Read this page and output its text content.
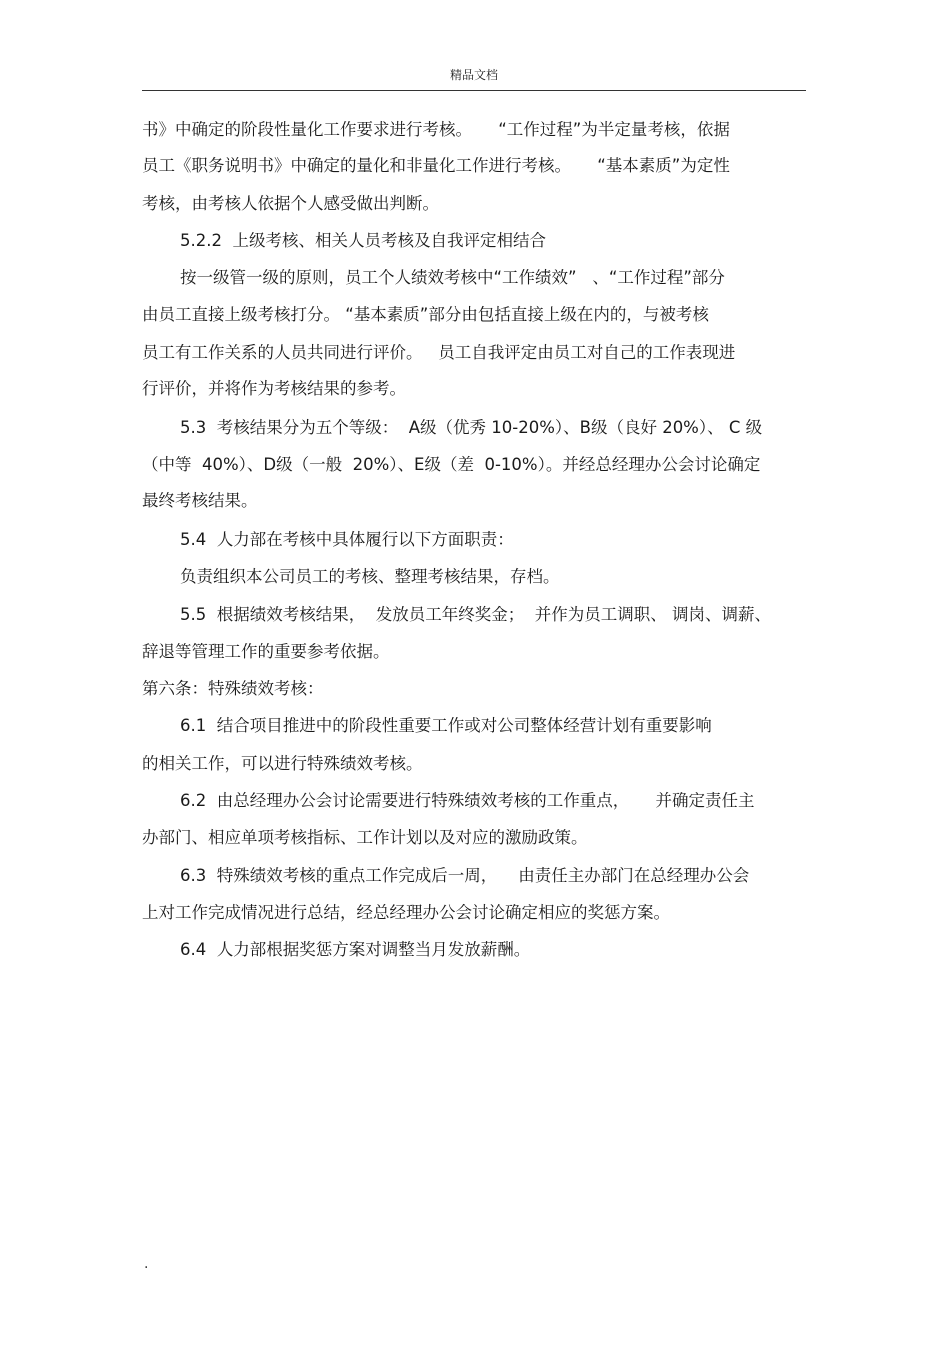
精品文档
书》中确定的阶段性量化工作要求进行考核。     “工作过程”为半定量考核，依据
员工《职务说明书》中确定的量化和非量化工作进行考核。     “基本素质”为定性
考核，由考核人依据个人感受做出判断。
5.2.2  上级考核、相关人员考核及自我评定相结合
按一级管一级的原则，员工个人绩效考核中“工作绩效”   、“工作过程”部分
由员工直接上级考核打分。 “基本素质”部分由包括直接上级在内的，与被考核
员工有工作关系的人员共同进行评价。   员工自我评定由员工对自己的工作表现进
行评价，并将作为考核结果的参考。
5.3  考核结果分为五个等级：  A级（优秀 10-20%）、B级（良好 20%）、 C 级
（中等  40%）、D级（一般  20%）、E级（差  0-10%）。并经总经理办公会讨论确定
最终考核结果。
5.4  人力部在考核中具体履行以下方面职责：
负责组织本公司员工的考核、整理考核结果，存档。
5.5  根据绩效考核结果，  发放员工年终奖金；  并作为员工调职、 调岗、调薪、
辞退等管理工作的重要参考依据。
第六条：特殊绩效考核：
6.1  结合项目推进中的阶段性重要工作或对公司整体经营计划有重要影响
的相关工作，可以进行特殊绩效考核。
6.2  由总经理办公会讨论需要进行特殊绩效考核的工作重点，     并确定责任主
办部门、相应单项考核指标、工作计划以及对应的激励政策。
6.3  特殊绩效考核的重点工作完成后一周，    由责任主办部门在总经理办公会
上对工作完成情况进行总结，经总经理办公会讨论确定相应的奖惩方案。
6.4  人力部根据奖惩方案对调整当月发放薪酬。
.
